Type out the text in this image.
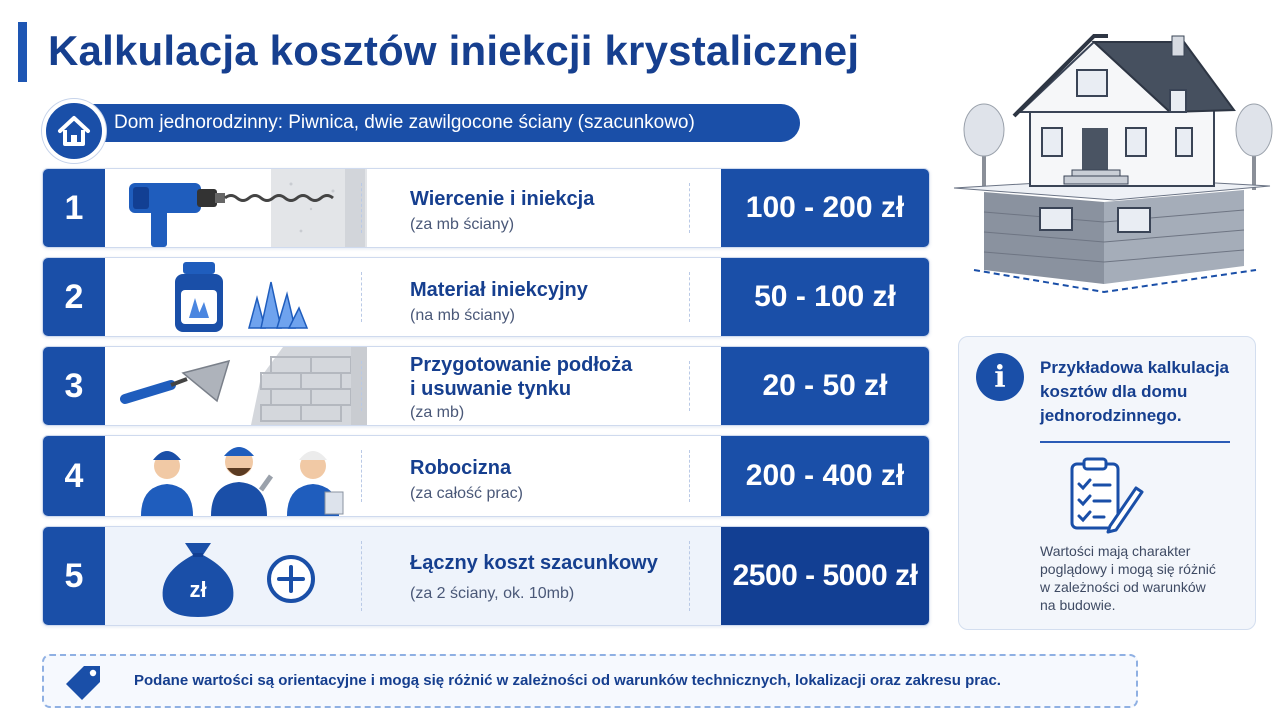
Kalkulacja kosztów iniekcji krystalicznej
Dom jednorodzinny: Piwnica, dwie zawilgocone ściany (szacunkowo)
1	Wiercenie i iniekcja
(za mb ściany)
100 - 200 zł
2	Materiał iniekcyjny
(na mb ściany)
50 - 100 zł
3
Przygotowanie podłoża
i usuwanie tynku
(za mb)
20 - 50 zł
4	Robocizna
(za całość prac)
200 - 400 zł
5	zł
Łączny koszt szacunkowy
(za 2 ściany, ok. 10mb)
2500 - 5000 zł
i	Przykładowa kalkulacja kosztów dla domu jednorodzinnego.
Wartości mają charakter poglądowy i mogą się różnić w zależności od warunków na budowie.
Podane wartości są orientacyjne i mogą się różnić w zależności od warunków technicznych, lokalizacji oraz zakresu prac.
